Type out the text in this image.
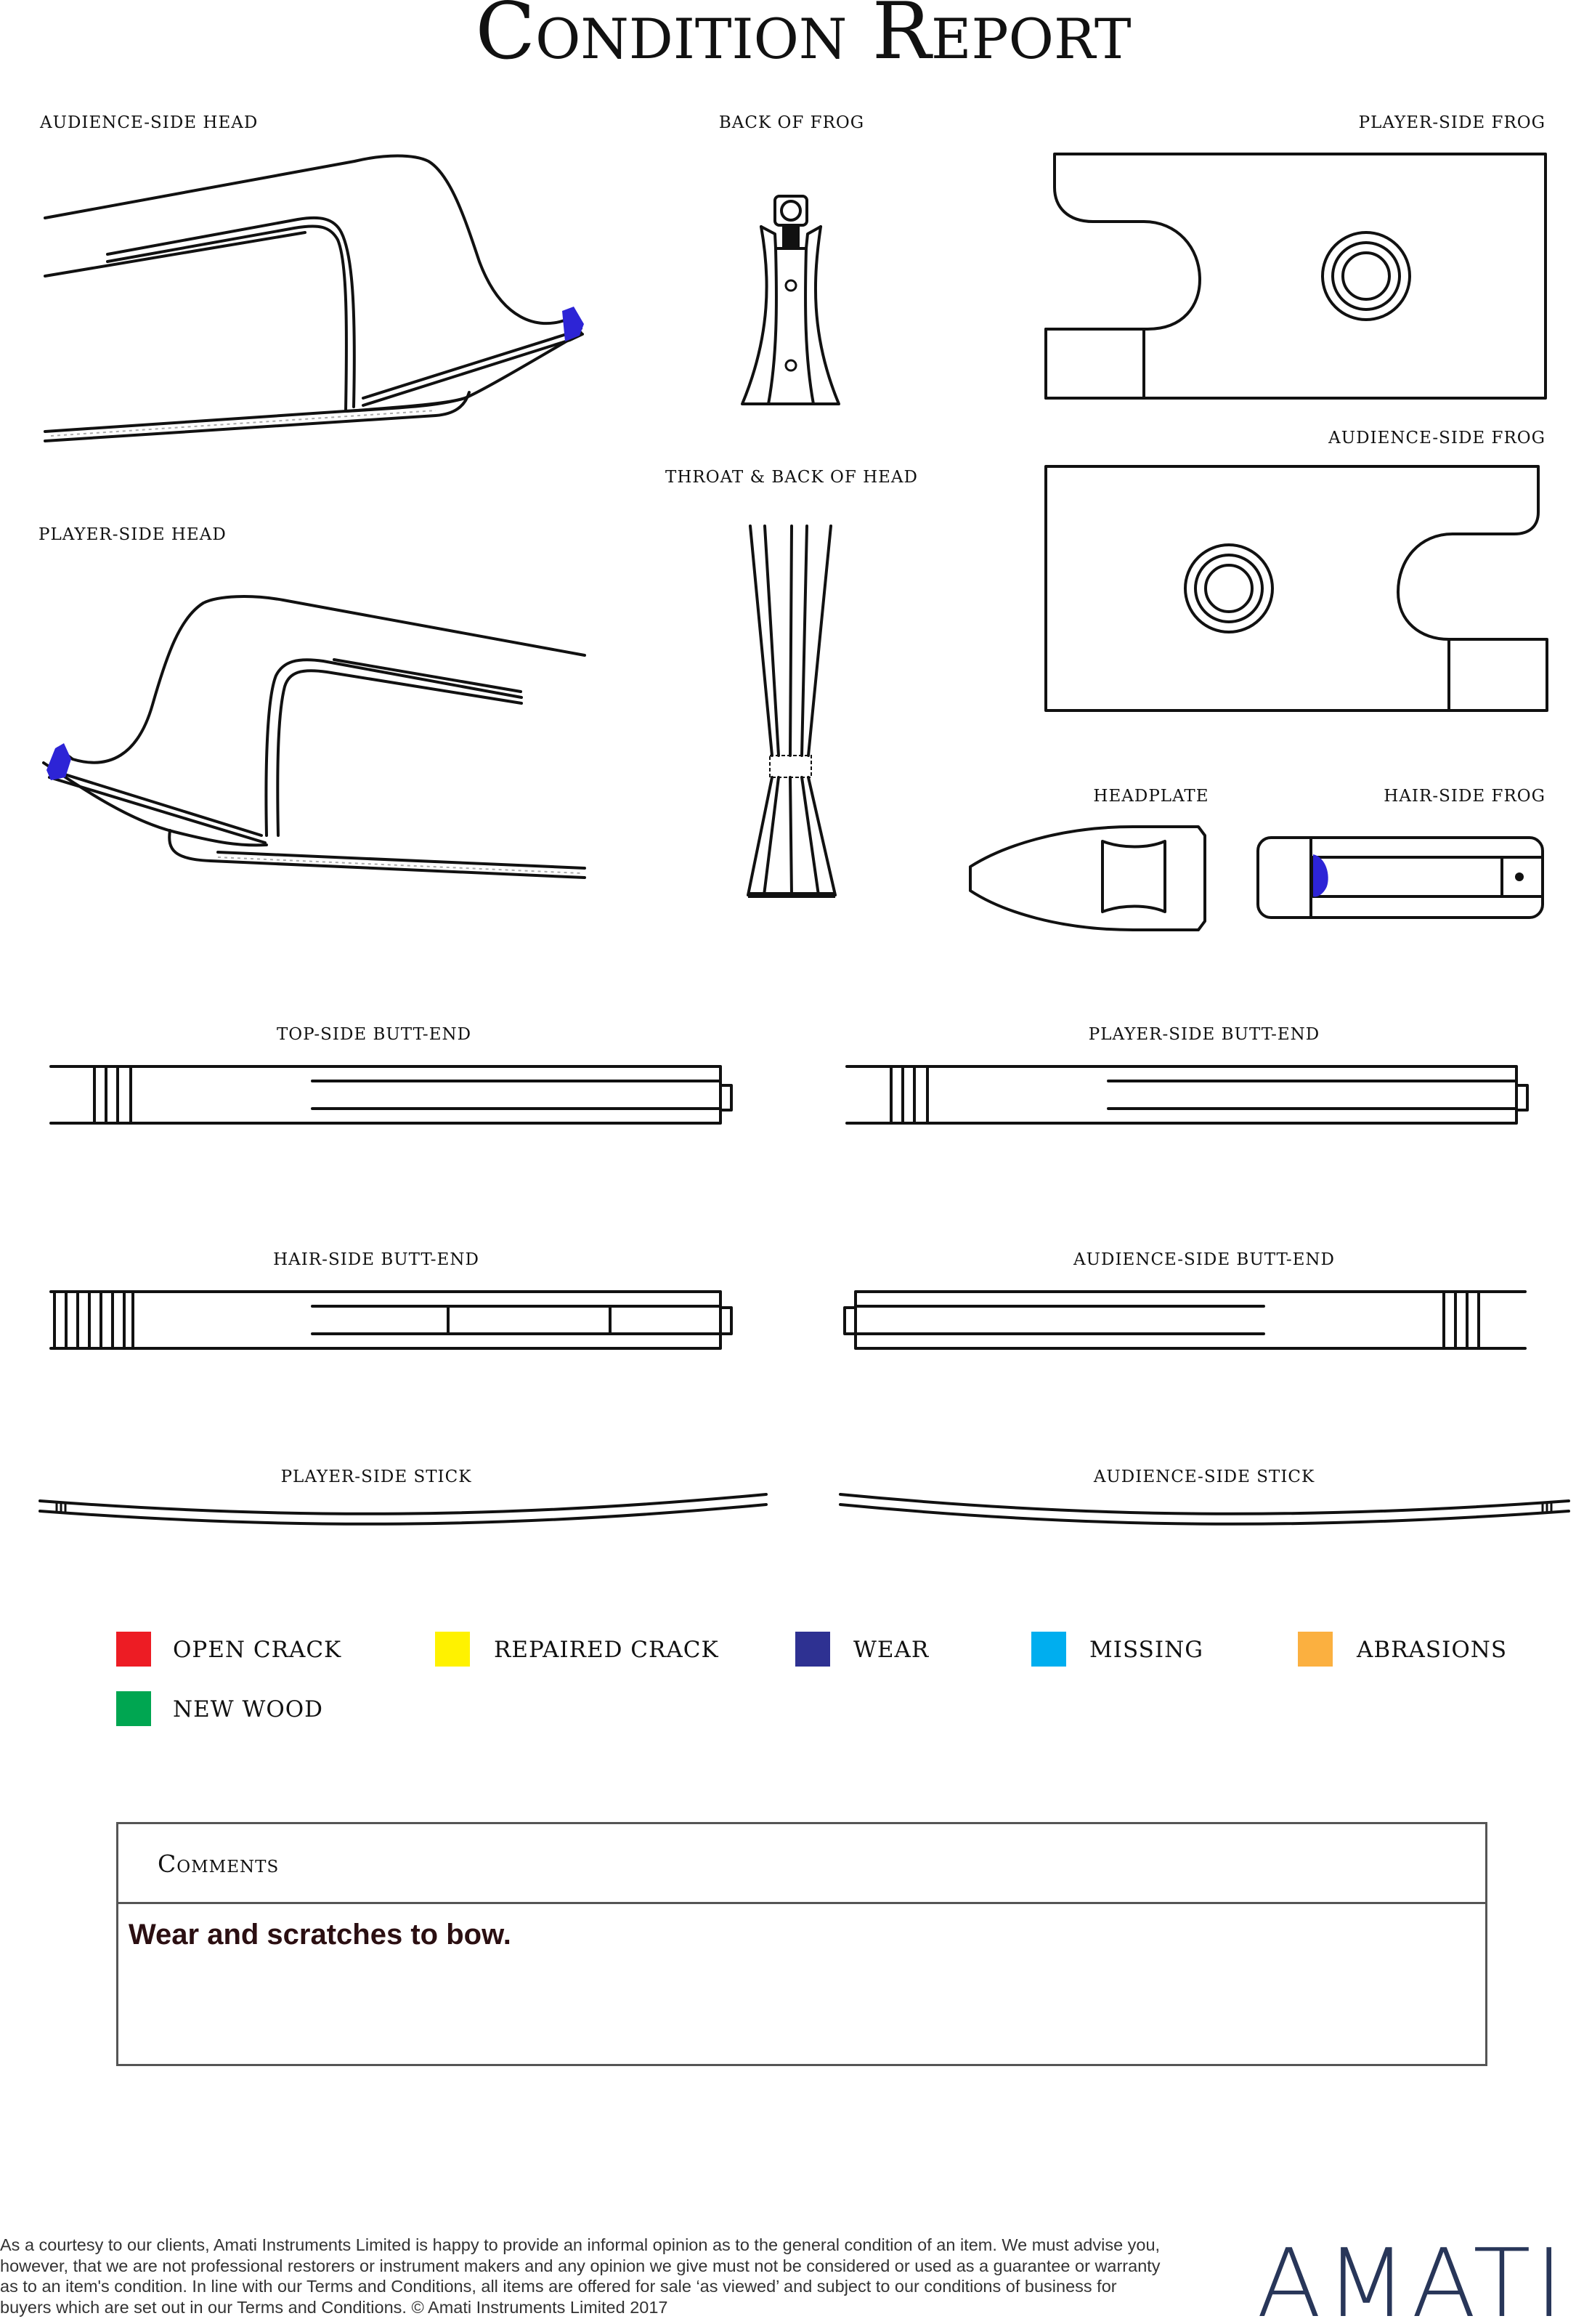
Condition Report
AUDIENCE-SIDE HEAD	BACK OF FROG	PLAYER-SIDE FROG
AUDIENCE-SIDE FROG
THROAT & BACK OF HEAD
PLAYER-SIDE HEAD
HEADPLATE	HAIR-SIDE FROG
TOP-SIDE BUTT-END	PLAYER-SIDE BUTT-END
HAIR-SIDE BUTT-END	AUDIENCE-SIDE BUTT-END
PLAYER-SIDE STICK	AUDIENCE-SIDE STICK
OPEN CRACK	REPAIRED CRACK	WEAR	MISSING	ABRASIONS
NEW WOOD
AMATI
Comments
Wear and scratches to bow.
As a courtesy to our clients, Amati Instruments Limited is happy to provide an informal opinion as to the general condition of an item. We must advise you, however, that we are not professional restorers or instrument makers and any opinion we give must not be considered or used as a guarantee or warranty as to an item's condition. In line with our Terms and Conditions, all items are offered for sale ‘as viewed’ and subject to our conditions of business for buyers which are set out in our Terms and Conditions. © Amati Instruments Limited 2017
